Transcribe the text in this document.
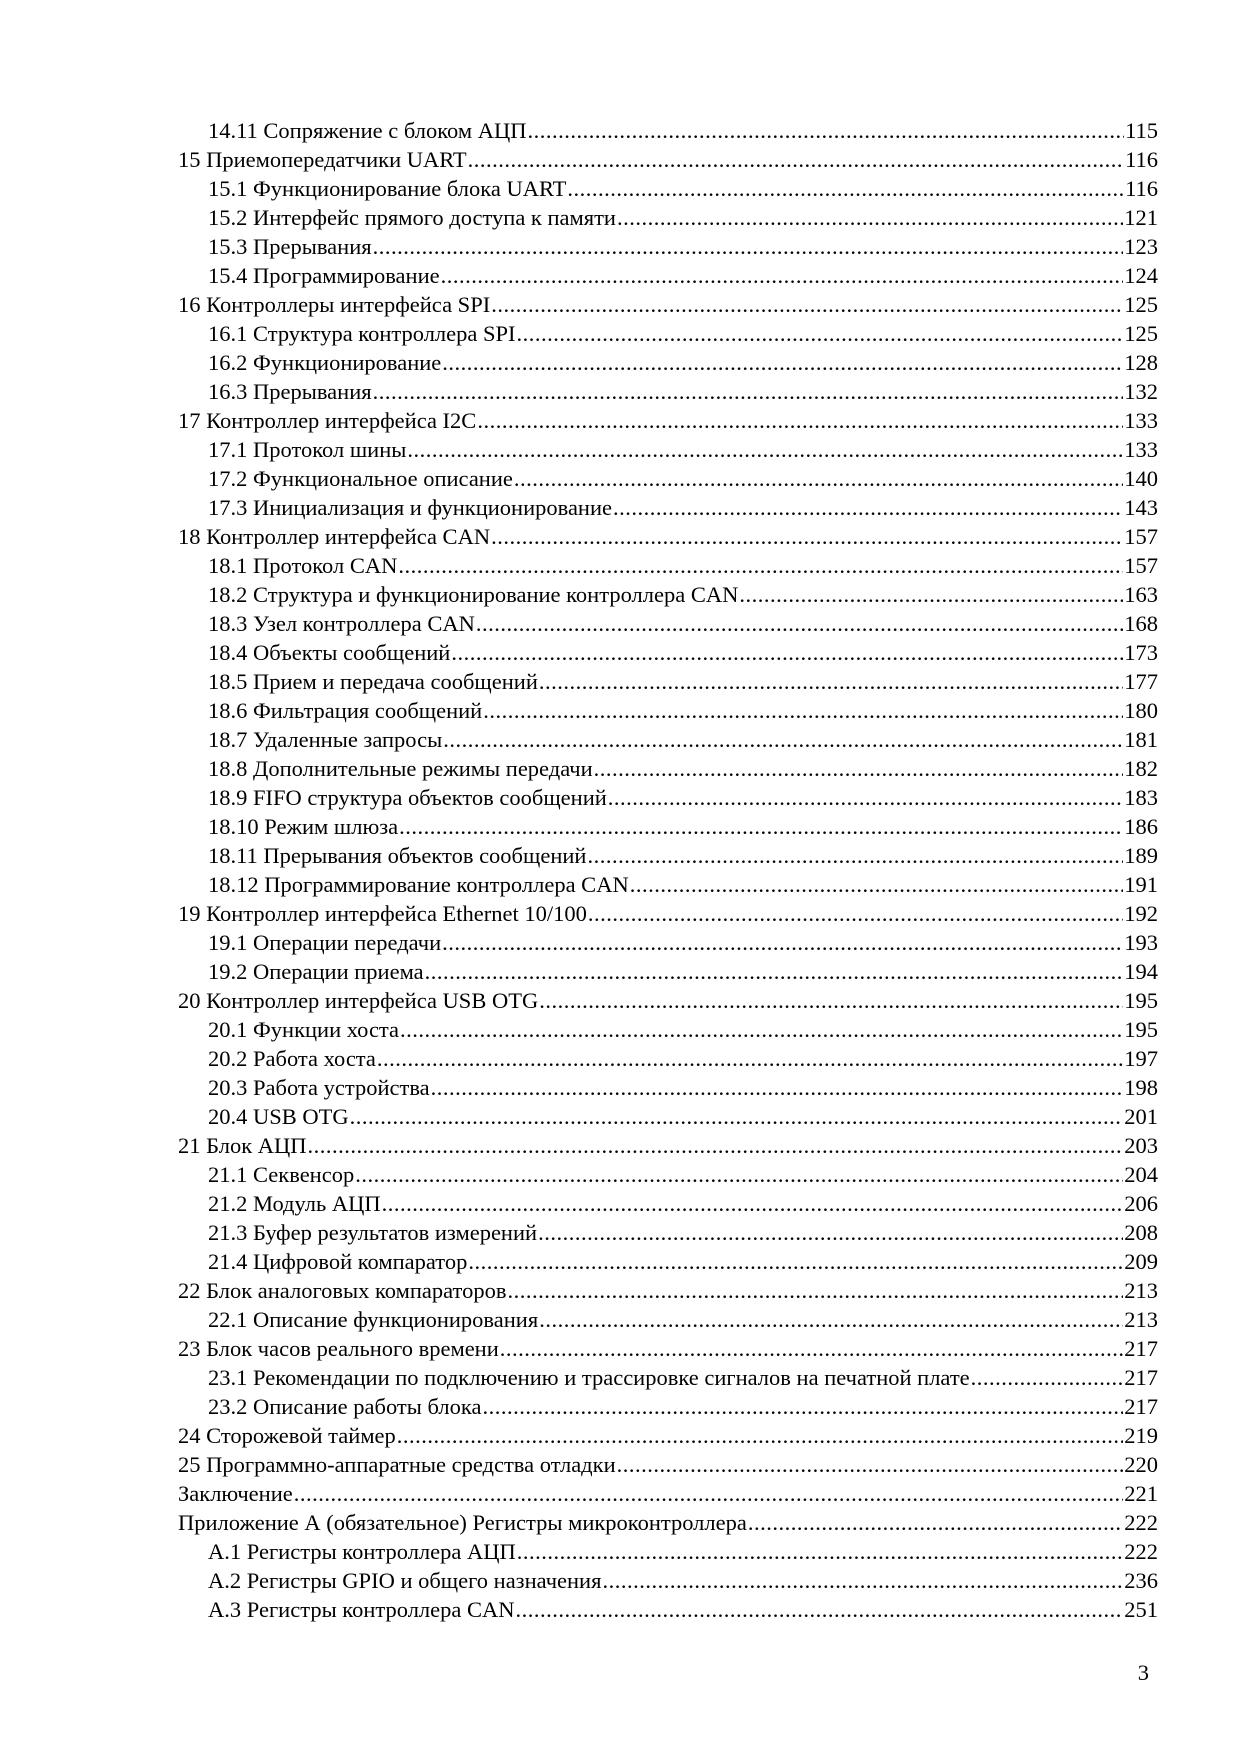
14.11 Сопряжение с блоком АЦП .....	115
15 Приемопередатчики UART .....	116
15.1 Функционирование блока UART .....	116
15.2 Интерфейс прямого доступа к памяти .....	121
15.3 Прерывания .....	123
15.4 Программирование .....	124
16 Контроллеры интерфейса SPI .....	125
16.1 Структура контроллера SPI .....	125
16.2 Функционирование .....	128
16.3 Прерывания .....	132
17 Контроллер интерфейса I2C .....	133
17.1 Протокол шины .....	133
17.2 Функциональное описание .....	140
17.3 Инициализация и функционирование .....	143
18 Контроллер интерфейса CAN .....	157
18.1 Протокол CAN .....	157
18.2 Структура и функционирование контроллера CAN .....	163
18.3 Узел контроллера CAN .....	168
18.4 Объекты сообщений .....	173
18.5 Прием и передача сообщений .....	177
18.6 Фильтрация сообщений .....	180
18.7 Удаленные запросы .....	181
18.8 Дополнительные режимы передачи .....	182
18.9 FIFO структура объектов сообщений .....	183
18.10 Режим шлюза .....	186
18.11 Прерывания объектов сообщений .....	189
18.12 Программирование контроллера CAN .....	191
19 Контроллер интерфейса Ethernet 10/100 .....	192
19.1 Операции передачи .....	193
19.2 Операции приема .....	194
20 Контроллер интерфейса USB OTG .....	195
20.1 Функции хоста .....	195
20.2 Работа хоста .....	197
20.3 Работа устройства .....	198
20.4 USB OTG .....	201
21 Блок АЦП .....	203
21.1 Секвенсор .....	204
21.2 Модуль АЦП .....	206
21.3 Буфер результатов измерений .....	208
21.4 Цифровой компаратор .....	209
22 Блок аналоговых компараторов .....	213
22.1 Описание функционирования .....	213
23 Блок часов реального времени .....	217
23.1 Рекомендации по подключению и трассировке сигналов на печатной плате .....	217
23.2 Описание работы блока .....	217
24 Сторожевой таймер .....	219
25 Программно-аппаратные средства отладки .....	220
Заключение .....	221
Приложение А (обязательное) Регистры микроконтроллера .....	222
А.1 Регистры контроллера АЦП .....	222
А.2 Регистры GPIO и общего назначения .....	236
А.3 Регистры контроллера CAN .....	251
3
